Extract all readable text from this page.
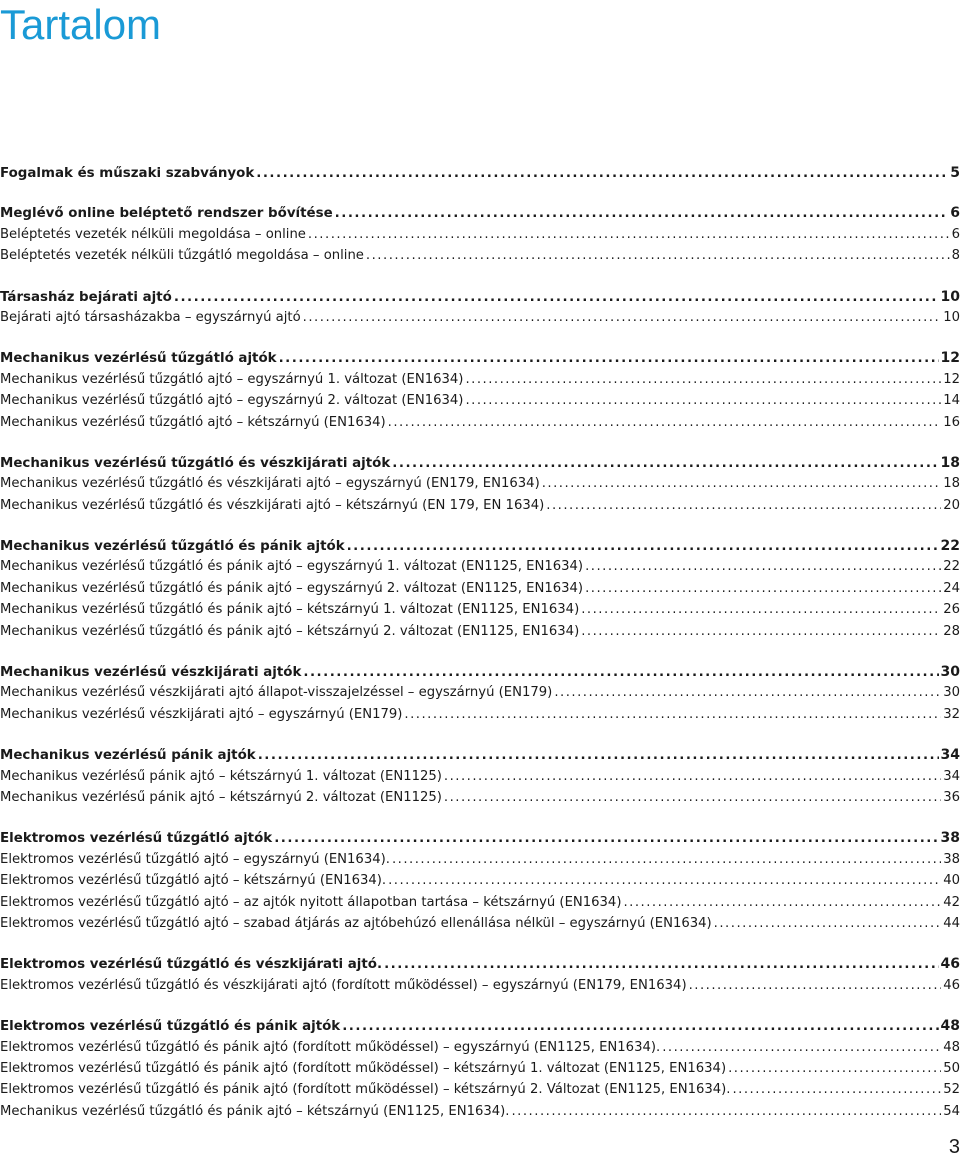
Tartalom
Fogalmak és műszaki szabványok .....	5
Meglévő online beléptető rendszer bővítése .....	6
Beléptetés vezeték nélküli megoldása – online .....	6
Beléptetés vezeték nélküli tűzgátló megoldása – online .....	8
Társasház bejárati ajtó .....	10
Bejárati ajtó társasházakba – egyszárnyú ajtó .....	10
Mechanikus vezérlésű tűzgátló ajtók .....	12
Mechanikus vezérlésű tűzgátló ajtó – egyszárnyú 1. változat (EN1634) .....	12
Mechanikus vezérlésű tűzgátló ajtó – egyszárnyú 2. változat (EN1634) .....	14
Mechanikus vezérlésű tűzgátló ajtó – kétszárnyú (EN1634) .....	16
Mechanikus vezérlésű tűzgátló és vészkijárati ajtók .....	18
Mechanikus vezérlésű tűzgátló és vészkijárati ajtó – egyszárnyú (EN179, EN1634) .....	18
Mechanikus vezérlésű tűzgátló és vészkijárati ajtó – kétszárnyú (EN 179, EN 1634) .....	20
Mechanikus vezérlésű tűzgátló és pánik ajtók .....	22
Mechanikus vezérlésű tűzgátló és pánik ajtó – egyszárnyú 1. változat (EN1125, EN1634) .....	22
Mechanikus vezérlésű tűzgátló és pánik ajtó – egyszárnyú 2. változat (EN1125, EN1634) .....	24
Mechanikus vezérlésű tűzgátló és pánik ajtó – kétszárnyú 1. változat (EN1125, EN1634) .....	26
Mechanikus vezérlésű tűzgátló és pánik ajtó – kétszárnyú 2. változat (EN1125, EN1634) .....	28
Mechanikus vezérlésű vészkijárati ajtók .....	30
Mechanikus vezérlésű vészkijárati ajtó állapot-visszajelzéssel – egyszárnyú (EN179) .....	30
Mechanikus vezérlésű vészkijárati ajtó – egyszárnyú (EN179) .....	32
Mechanikus vezérlésű pánik ajtók .....	34
Mechanikus vezérlésű pánik ajtó – kétszárnyú 1. változat (EN1125) .....	34
Mechanikus vezérlésű pánik ajtó – kétszárnyú 2. változat (EN1125) .....	36
Elektromos vezérlésű tűzgátló ajtók .....	38
Elektromos vezérlésű tűzgátló ajtó – egyszárnyú (EN1634). .....	38
Elektromos vezérlésű tűzgátló ajtó – kétszárnyú (EN1634). .....	40
Elektromos vezérlésű tűzgátló ajtó – az ajtók nyitott állapotban tartása – kétszárnyú (EN1634) .....	42
Elektromos vezérlésű tűzgátló ajtó – szabad átjárás az ajtóbehúzó ellenállása nélkül – egyszárnyú (EN1634) .....	44
Elektromos vezérlésű tűzgátló és vészkijárati ajtó. .....	46
Elektromos vezérlésű tűzgátló és vészkijárati ajtó (fordított működéssel) – egyszárnyú (EN179, EN1634) .....	46
Elektromos vezérlésű tűzgátló és pánik ajtók .....	48
Elektromos vezérlésű tűzgátló és pánik ajtó (fordított működéssel) – egyszárnyú (EN1125, EN1634). .....	48
Elektromos vezérlésű tűzgátló és pánik ajtó (fordított működéssel) – kétszárnyú 1. változat (EN1125, EN1634) .....	50
Elektromos vezérlésű tűzgátló és pánik ajtó (fordított működéssel) – kétszárnyú 2. Változat (EN1125, EN1634). .....	52
Mechanikus vezérlésű tűzgátló és pánik ajtó – kétszárnyú (EN1125, EN1634). .....	54
3
